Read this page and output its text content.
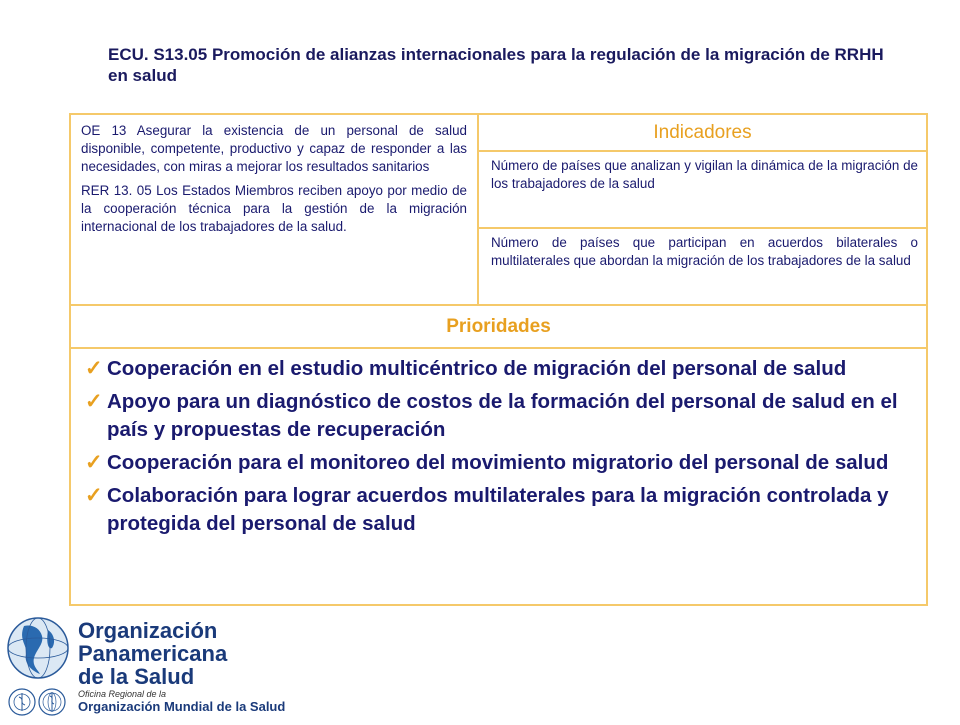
ECU. S13.05 Promoción de alianzas internacionales para la regulación de la migración de RRHH en salud

OE 13 Asegurar la existencia de un personal de salud disponible, competente, productivo y capaz de responder a las necesidades, con miras a mejorar los resultados sanitarios

RER 13. 05 Los Estados Miembros reciben apoyo por medio de la cooperación técnica para la gestión de la migración internacional de los trabajadores de la salud.

Indicadores
Número de países que analizan y vigilan la dinámica de la migración de los trabajadores de la salud
Número de países que participan en acuerdos bilaterales o multilaterales que abordan la migración de los trabajadores de la salud
Prioridades
✓ Cooperación en el estudio multicéntrico de migración del personal de salud
✓ Apoyo para un diagnóstico de costos de la formación del personal de salud en el país y propuestas de recuperación
✓ Cooperación para el monitoreo del movimiento migratorio del personal de salud
✓ Colaboración para lograr acuerdos multilaterales para la migración controlada y protegida del personal de salud
Organización
Panamericana
de la Salud
Oficina Regional de la
Organización Mundial de la Salud
